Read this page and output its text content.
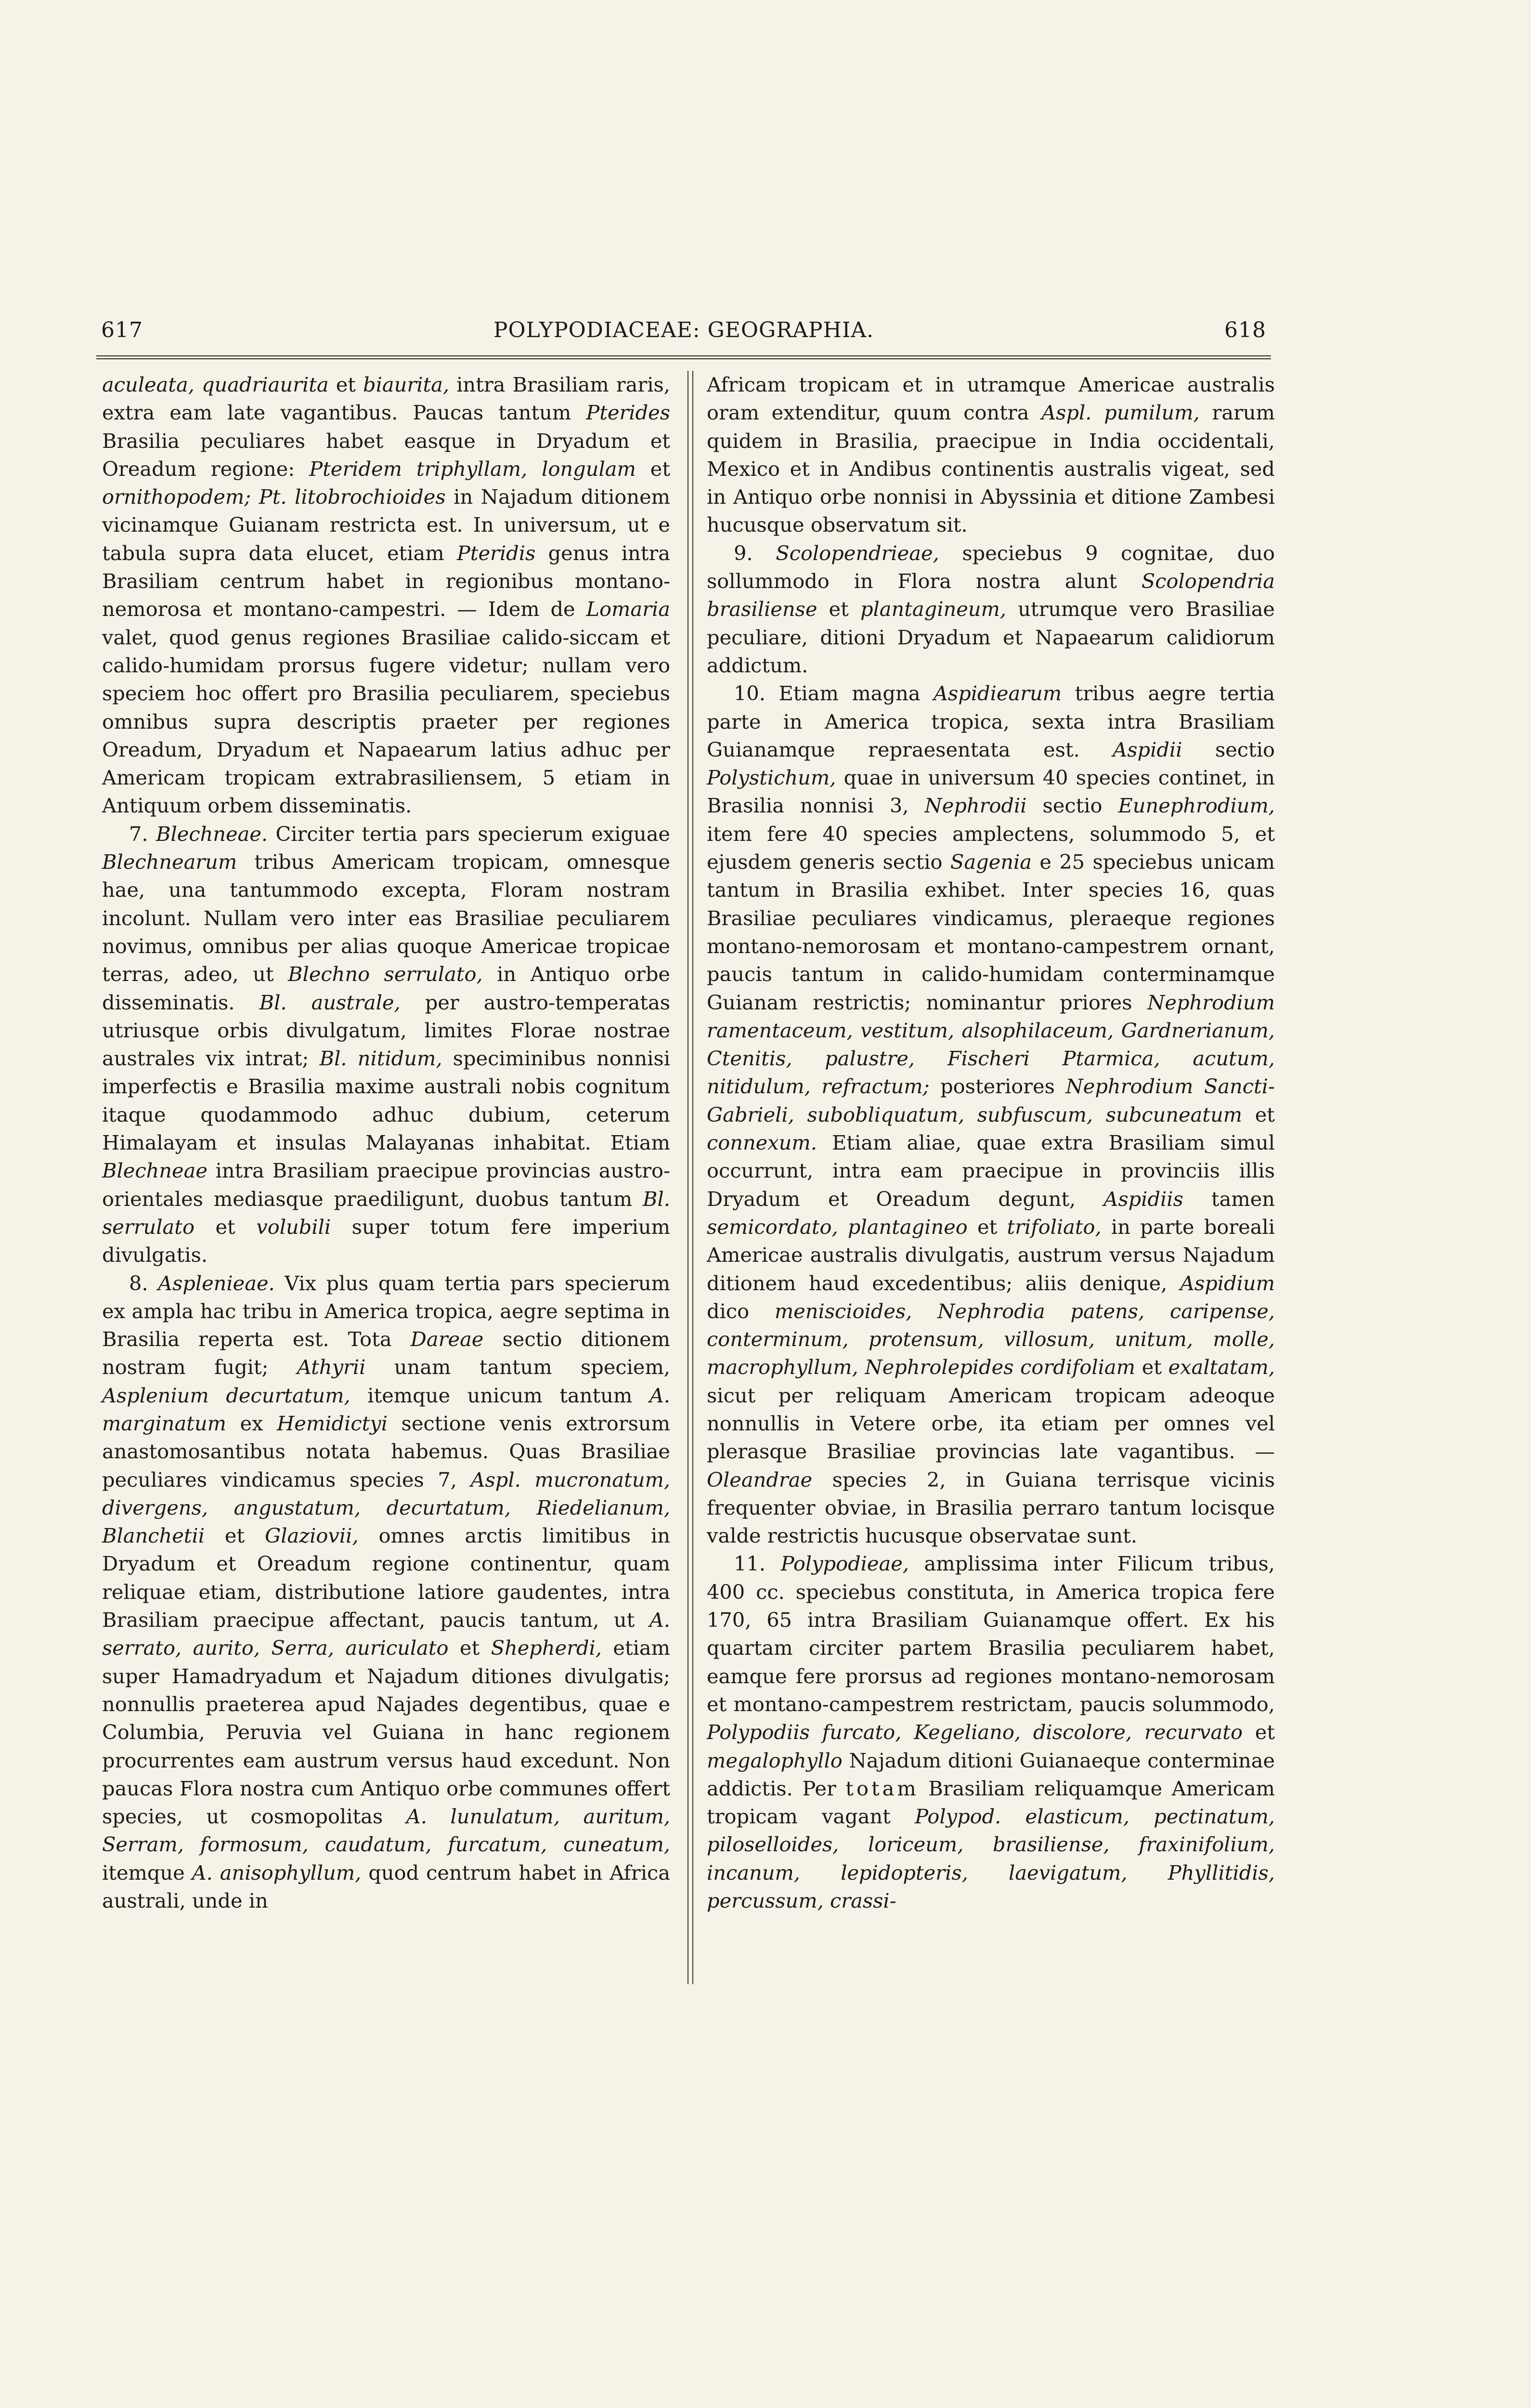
617	POLYPODIACEAE: GEOGRAPHIA.	618

aculeata, quadriaurita et biaurita, intra Brasiliam raris, extra eam late vagantibus. Paucas tantum Pterides Brasilia peculiares habet easque in Dryadum et Oreadum regione: Pteridem triphyllam, longulam et ornithopodem; Pt. litobrochioides in Najadum ditionem vicinamque Guianam restricta est. In universum, ut e tabula supra data elucet, etiam Pteridis genus intra Brasiliam centrum habet in regionibus montano-nemorosa et montano-campestri. — Idem de Lomaria valet, quod genus regiones Brasiliae calido-siccam et calido-humidam prorsus fugere videtur; nullam vero speciem hoc offert pro Brasilia peculiarem, speciebus omnibus supra descriptis praeter per regiones Oreadum, Dryadum et Napaearum latius adhuc per Americam tropicam extrabrasiliensem, 5 etiam in Antiquum orbem disseminatis.

7. Blechneae. Circiter tertia pars specierum exiguae Blechnearum tribus Americam tropicam, omnesque hae, una tantummodo excepta, Floram nostram incolunt. Nullam vero inter eas Brasiliae peculiarem novimus, omnibus per alias quoque Americae tropicae terras, adeo, ut Blechno serrulato, in Antiquo orbe disseminatis. Bl. australe, per austro-temperatas utriusque orbis divulgatum, limites Florae nostrae australes vix intrat; Bl. nitidum, speciminibus nonnisi imperfectis e Brasilia maxime australi nobis cognitum itaque quodammodo adhuc dubium, ceterum Himalayam et insulas Malayanas inhabitat. Etiam Blechneae intra Brasiliam praecipue provincias austro-orientales mediasque praediligunt, duobus tantum Bl. serrulato et volubili super totum fere imperium divulgatis.

8. Asplenieae. Vix plus quam tertia pars specierum ex ampla hac tribu in America tropica, aegre septima in Brasilia reperta est. Tota Dareae sectio ditionem nostram fugit; Athyrii unam tantum speciem, Asplenium decurtatum, itemque unicum tantum A. marginatum ex Hemidictyi sectione venis extrorsum anastomosantibus notata habemus. Quas Brasiliae peculiares vindicamus species 7, Aspl. mucronatum, divergens, angustatum, decurtatum, Riedelianum, Blanchetii et Glaziovii, omnes arctis limitibus in Dryadum et Oreadum regione continentur, quam reliquae etiam, distributione latiore gaudentes, intra Brasiliam praecipue affectant, paucis tantum, ut A. serrato, aurito, Serra, auriculato et Shepherdi, etiam super Hamadryadum et Najadum ditiones divulgatis; nonnullis praeterea apud Najades degentibus, quae e Columbia, Peruvia vel Guiana in hanc regionem procurrentes eam austrum versus haud excedunt. Non paucas Flora nostra cum Antiquo orbe communes offert species, ut cosmopolitas A. lunulatum, auritum, Serram, formosum, caudatum, furcatum, cuneatum, itemque A. anisophyllum, quod centrum habet in Africa australi, unde in

Africam tropicam et in utramque Americae australis oram extenditur, quum contra Aspl. pumilum, rarum quidem in Brasilia, praecipue in India occidentali, Mexico et in Andibus continentis australis vigeat, sed in Antiquo orbe nonnisi in Abyssinia et ditione Zambesi hucusque observatum sit.

9. Scolopendrieae, speciebus 9 cognitae, duo sollummodo in Flora nostra alunt Scolopendria brasiliense et plantagineum, utrumque vero Brasiliae peculiare, ditioni Dryadum et Napaearum calidiorum addictum.

10. Etiam magna Aspidiearum tribus aegre tertia parte in America tropica, sexta intra Brasiliam Guianamque repraesentata est. Aspidii sectio Polystichum, quae in universum 40 species continet, in Brasilia nonnisi 3, Nephrodii sectio Eunephrodium, item fere 40 species amplectens, solummodo 5, et ejusdem generis sectio Sagenia e 25 speciebus unicam tantum in Brasilia exhibet. Inter species 16, quas Brasiliae peculiares vindicamus, pleraeque regiones montano-nemorosam et montano-campestrem ornant, paucis tantum in calido-humidam conterminamque Guianam restrictis; nominantur priores Nephrodium ramentaceum, vestitum, alsophilaceum, Gardnerianum, Ctenitis, palustre, Fischeri Ptarmica, acutum, nitidulum, refractum; posteriores Nephrodium Sancti-Gabrieli, subobliquatum, subfuscum, subcuneatum et connexum. Etiam aliae, quae extra Brasiliam simul occurrunt, intra eam praecipue in provinciis illis Dryadum et Oreadum degunt, Aspidiis tamen semicordato, plantagineo et trifoliato, in parte boreali Americae australis divulgatis, austrum versus Najadum ditionem haud excedentibus; aliis denique, Aspidium dico meniscioides, Nephrodia patens, caripense, conterminum, protensum, villosum, unitum, molle, macrophyllum, Nephrolepides cordifoliam et exaltatam, sicut per reliquam Americam tropicam adeoque nonnullis in Vetere orbe, ita etiam per omnes vel plerasque Brasiliae provincias late vagantibus. — Oleandrae species 2, in Guiana terrisque vicinis frequenter obviae, in Brasilia perraro tantum locisque valde restrictis hucusque observatae sunt.

11. Polypodieae, amplissima inter Filicum tribus, 400 cc. speciebus constituta, in America tropica fere 170, 65 intra Brasiliam Guianamque offert. Ex his quartam circiter partem Brasilia peculiarem habet, eamque fere prorsus ad regiones montano-nemorosam et montano-campestrem restrictam, paucis solummodo, Polypodiis furcato, Kegeliano, discolore, recurvato et megalophyllo Najadum ditioni Guianaeque conterminae addictis. Per totam Brasiliam reliquamque Americam tropicam vagant Polypod. elasticum, pectinatum, piloselloides, loriceum, brasiliense, fraxinifolium, incanum, lepidopteris, laevigatum, Phyllitidis, percussum, crassi-
